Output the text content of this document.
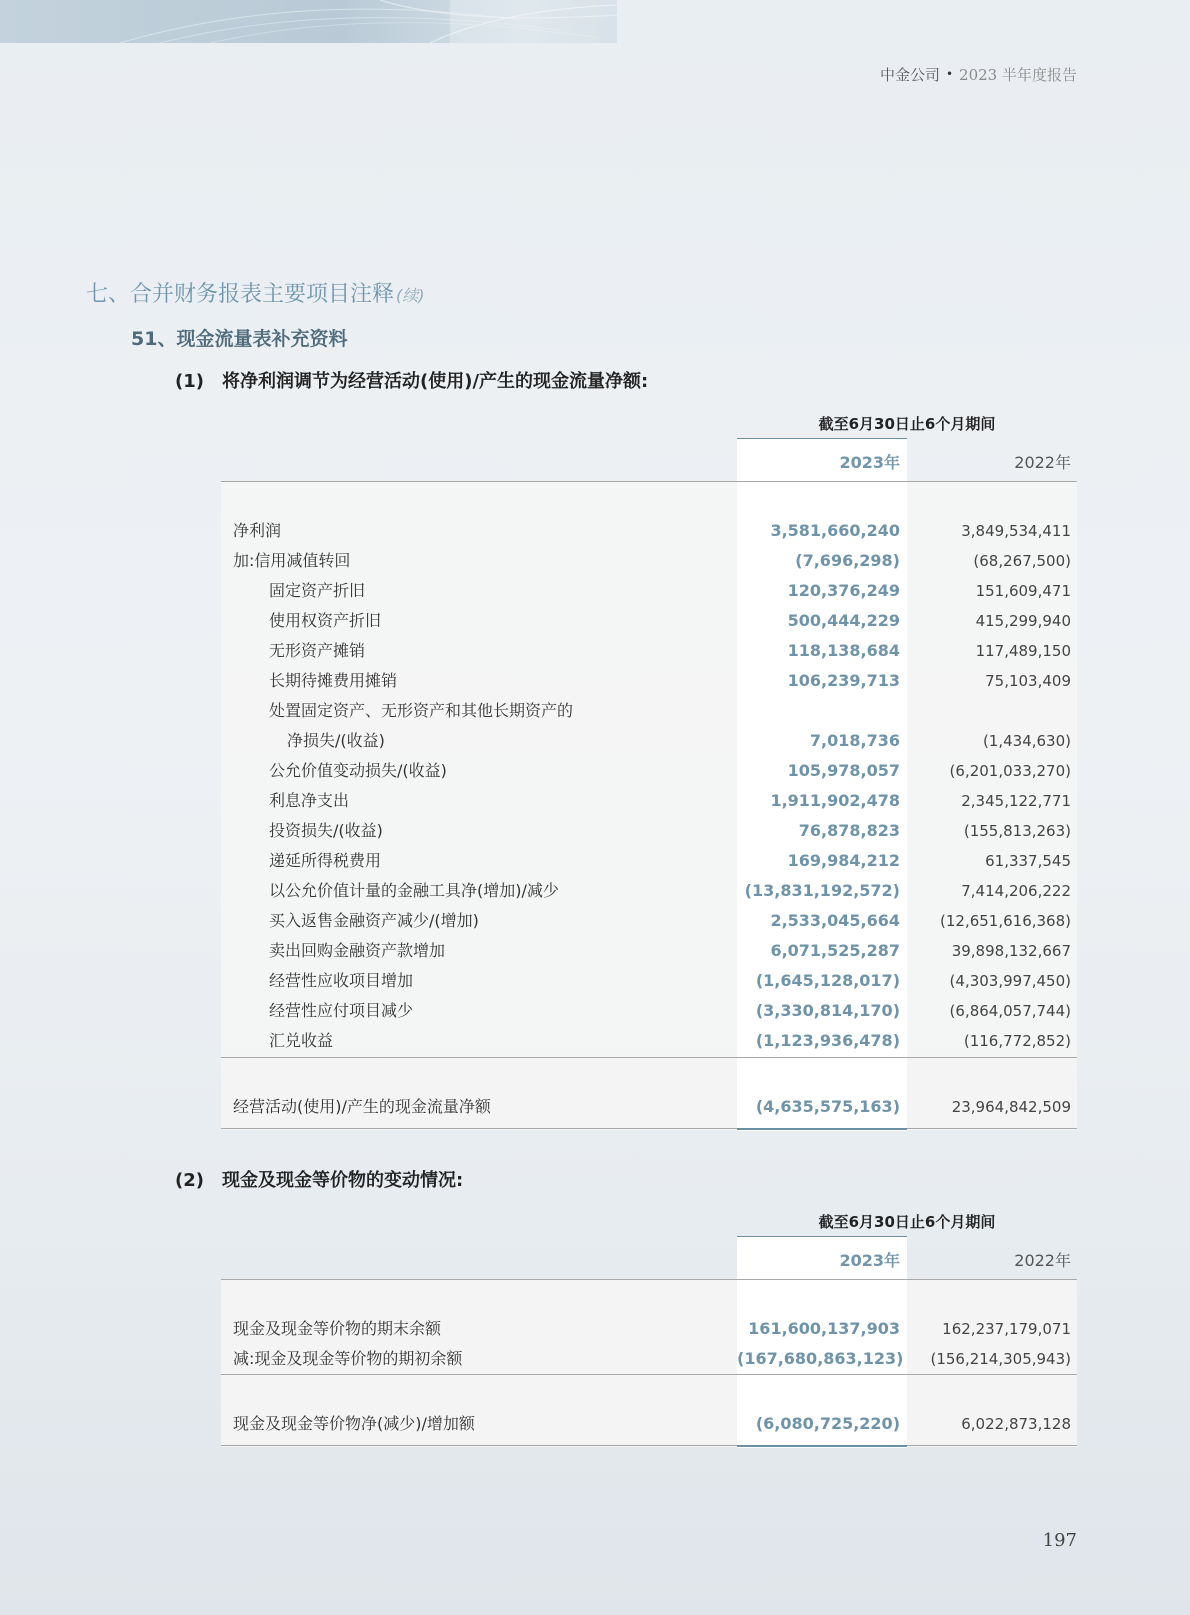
中金公司 • 2023 半年度报告
七、合并财务报表主要项目注释 (续)
51、现金流量表补充资料
(1) 将净利润调节为经营活动(使用)/产生的现金流量净额:
截至6月30日止6个月期间
2023年	2022年
净利润	3,581,660,240	3,849,534,411
加:信用减值转回	(7,696,298)	(68,267,500)
固定资产折旧	120,376,249	151,609,471
使用权资产折旧	500,444,229	415,299,940
无形资产摊销	118,138,684	117,489,150
长期待摊费用摊销	106,239,713	75,103,409
处置固定资产、无形资产和其他长期资产的
净损失/(收益)	7,018,736	(1,434,630)
公允价值变动损失/(收益)	105,978,057	(6,201,033,270)
利息净支出	1,911,902,478	2,345,122,771
投资损失/(收益)	76,878,823	(155,813,263)
递延所得税费用	169,984,212	61,337,545
以公允价值计量的金融工具净(增加)/减少	(13,831,192,572)	7,414,206,222
买入返售金融资产减少/(增加)	2,533,045,664	(12,651,616,368)
卖出回购金融资产款增加	6,071,525,287	39,898,132,667
经营性应收项目增加	(1,645,128,017)	(4,303,997,450)
经营性应付项目减少	(3,330,814,170)	(6,864,057,744)
汇兑收益	(1,123,936,478)	(116,772,852)
经营活动(使用)/产生的现金流量净额	(4,635,575,163)	23,964,842,509
(2) 现金及现金等价物的变动情况:
截至6月30日止6个月期间
2023年	2022年
现金及现金等价物的期末余额	161,600,137,903	162,237,179,071
减:现金及现金等价物的期初余额	(167,680,863,123)	(156,214,305,943)
现金及现金等价物净(减少)/增加额	(6,080,725,220)	6,022,873,128
197
